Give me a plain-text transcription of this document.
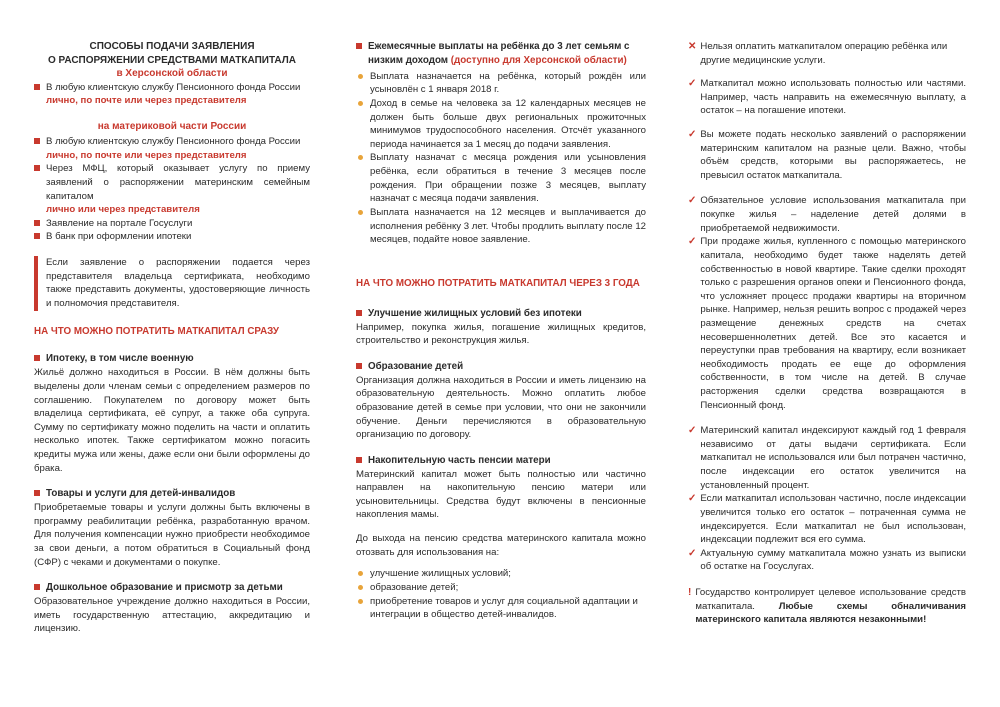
СПОСОБЫ ПОДАЧИ ЗАЯВЛЕНИЯ
О РАСПОРЯЖЕНИИ СРЕДСТВАМИ МАТКАПИТАЛА
в Херсонской области
В любую клиентскую службу Пенсионного фонда России
лично, по почте или через представителя
на материковой части России
В любую клиентскую службу Пенсионного фонда России
лично, по почте или через представителя
Через МФЦ, который оказывает услугу по приему заявлений о распоряжении материнским семейным капиталом
лично или через представителя
Заявление на портале Госуслуги
В банк при оформлении ипотеки
Если заявление о распоряжении подается через представителя владельца сертификата, необходимо также представить документы, удостоверяющие личность и полномочия представителя.
НА ЧТО МОЖНО ПОТРАТИТЬ МАТКАПИТАЛ СРАЗУ
Ипотеку, в том числе военную
Жильё должно находиться в России. В нём должны быть выделены доли членам семьи с определением размеров по соглашению. Покупателем по договору может быть владелица сертификата, её супруг, а также оба супруга. Сумму по сертификату можно поделить на части и оплатить несколько ипотек. Также сертификатом можно погасить кредиты мужа или жены, даже если они были оформлены до брака.
Товары и услуги для детей-инвалидов
Приобретаемые товары и услуги должны быть включены в программу реабилитации ребёнка, разработанную врачом. Для получения компенсации нужно приобрести необходимое за свои деньги, а потом обратиться в Социальный фонд (СФР) с чеками и документами о покупке.
Дошкольное образование и присмотр за детьми
Образовательное учреждение должно находиться в России, иметь государственную аттестацию, аккредитацию и лицензию.
Ежемесячные выплаты на ребёнка до 3 лет семьям с низким доходом (доступно для Херсонской области)
Выплата назначается на ребёнка, который рождён или усыновлён с 1 января 2018 г.
Доход в семье на человека за 12 календарных месяцев не должен быть больше двух региональных прожиточных минимумов трудоспособного населения. Отсчёт указанного периода начинается за 1 месяц до подачи заявления.
Выплату назначат с месяца рождения или усыновления ребёнка, если обратиться в течение 3 месяцев после рождения. При обращении позже 3 месяцев, выплату назначат с месяца подачи заявления.
Выплата назначается на 12 месяцев и выплачивается до исполнения ребёнку 3 лет. Чтобы продлить выплату после 12 месяцев, подайте новое заявление.
НА ЧТО МОЖНО ПОТРАТИТЬ МАТКАПИТАЛ ЧЕРЕЗ 3 ГОДА
Улучшение жилищных условий без ипотеки
Например, покупка жилья, погашение жилищных кредитов, строительство и реконструкция жилья.
Образование детей
Организация должна находиться в России и иметь лицензию на образовательную деятельность. Можно оплатить любое образование детей в семье при условии, что они не закончили обучение. Деньги перечисляются в образовательную организацию по договору.
Накопительную часть пенсии матери
Материнский капитал может быть полностью или частично направлен на накопительную пенсию матери или усыновительницы. Средства будут включены в пенсионные накопления мамы.
До выхода на пенсию средства материнского капитала можно отозвать для использования на:
улучшение жилищных условий;
образование детей;
приобретение товаров и услуг для социальной адаптации и интеграции в общество детей-инвалидов.
✕ Нельзя оплатить маткапиталом операцию ребёнка или другие медицинские услуги.
✓ Маткапитал можно использовать полностью или частями. Например, часть направить на ежемесячную выплату, а остаток – на погашение ипотеки.
✓ Вы можете подать несколько заявлений о распоряжении материнским капиталом на разные цели. Важно, чтобы объём средств, которыми вы распоряжаетесь, не превысил остаток маткапитала.
✓ Обязательное условие использования маткапитала при покупке жилья – наделение детей долями в приобретаемой недвижимости.
✓ При продаже жилья, купленного с помощью материнского капитала, необходимо будет также наделять детей собственностью в новой квартире. Такие сделки проходят только с разрешения органов опеки и Пенсионного фонда, что усложняет процесс продажи квартиры на вторичном рынке. Например, нельзя решить вопрос с продажей через размещение денежных средств на счетах несовершеннолетних детей. Все это касается и переуступки прав требования на квартиру, если возникает необходимость продать ее еще до оформления собственности, в том числе на детей. В случае расторжения сделки средства возвращаются в Пенсионный фонд.
✓ Материнский капитал индексируют каждый год 1 февраля независимо от даты выдачи сертификата. Если маткапитал не использовался или был потрачен частично, после индексации его остаток увеличится на установленный процент.
✓ Если маткапитал использован частично, после индексации увеличится только его остаток – потраченная сумма не индексируется. Если маткапитал не был использован, индексации подлежит вся его сумма.
✓ Актуальную сумму маткапитала можно узнать из выписки об остатке на Госуслугах.
! Государство контролирует целевое использование средств маткапитала. Любые схемы обналичивания материнского капитала являются незаконными!
